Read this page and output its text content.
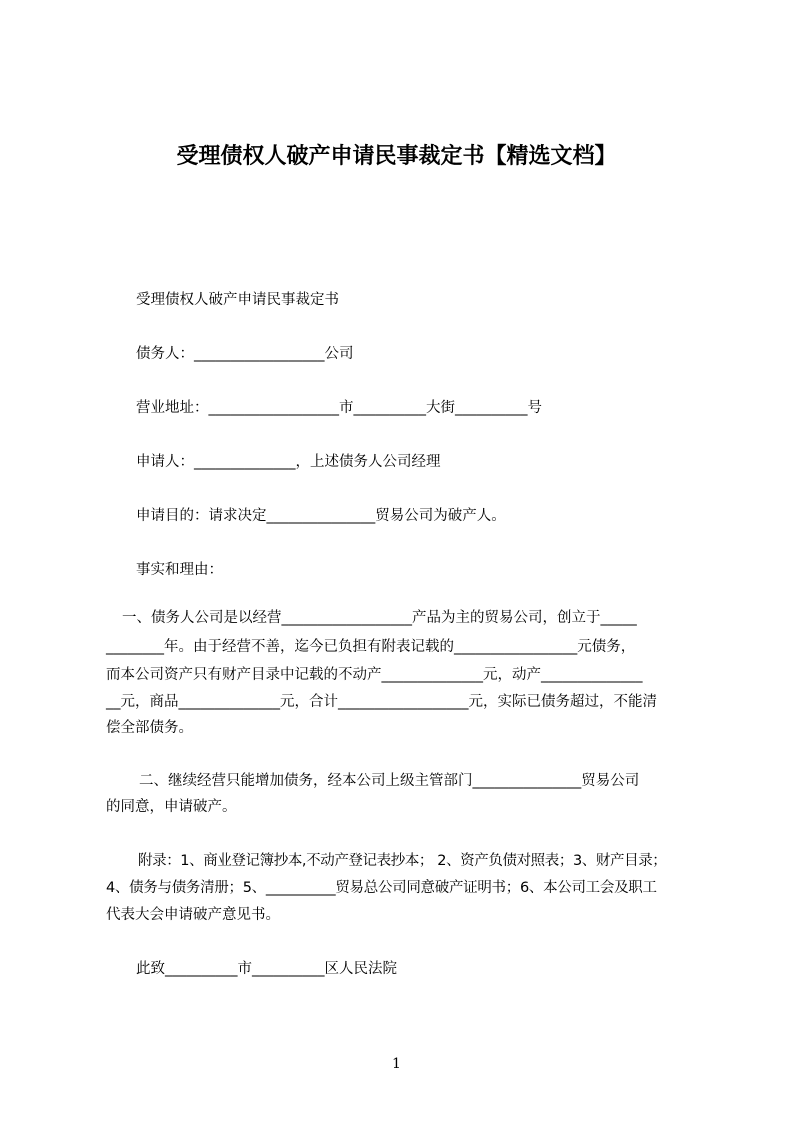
受理债权人破产申请民事裁定书【精选文档】
受理债权人破产申请民事裁定书
债务人：__________________公司
营业地址：__________________市__________大街__________号
申请人：______________，上述债务人公司经理
申请目的：请求决定_______________贸易公司为破产人。
事实和理由：
一、债务人公司是以经营__________________产品为主的贸易公司，创立于_____
________年。由于经营不善，迄今已负担有附表记载的_________________元债务，
而本公司资产只有财产目录中记载的不动产______________元，动产______________
__元，商品______________元，合计__________________元，实际已债务超过，不能清
偿全部债务。
二、继续经营只能增加债务，经本公司上级主管部门_______________贸易公司
的同意，申请破产。
附录：1、商业登记簿抄本,不动产登记表抄本； 2、资产负债对照表；3、财产目录；
4、债务与债务清册；5、__________贸易总公司同意破产证明书；6、本公司工会及职工
代表大会申请破产意见书。
此致__________市__________区人民法院
1
